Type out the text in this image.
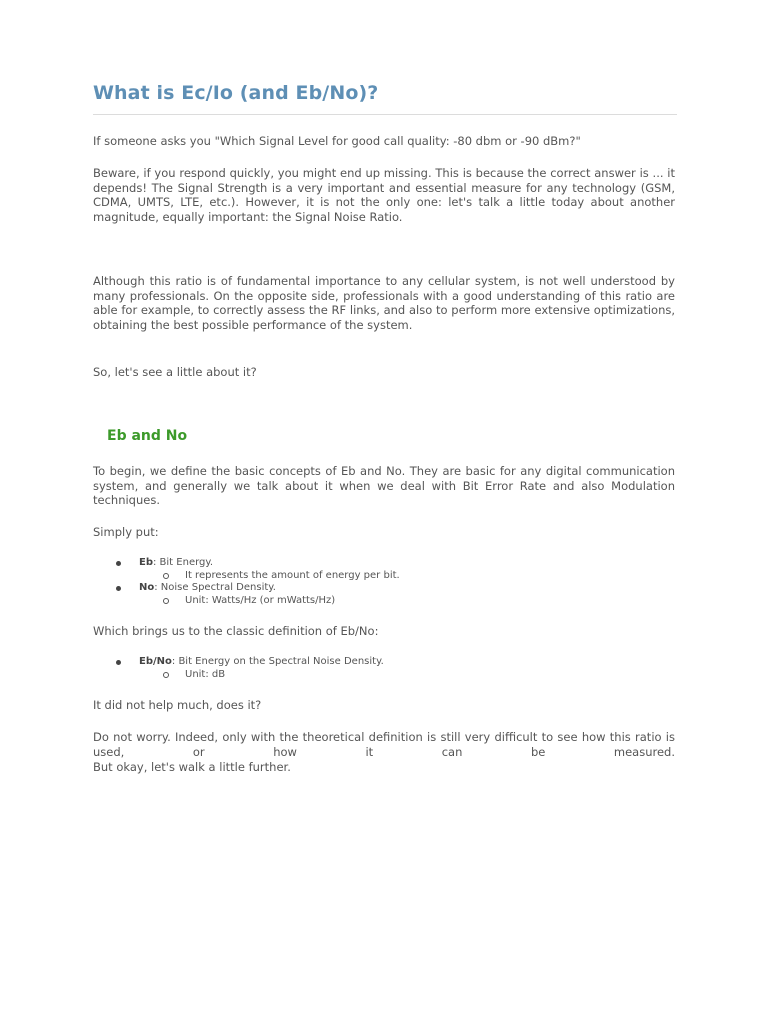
What is Ec/Io (and Eb/No)?

If someone asks you "Which Signal Level for good call quality: -80 dbm or -90 dBm?"

Beware, if you respond quickly, you might end up missing. This is because the correct answer is ... it depends! The Signal Strength is a very important and essential measure for any technology (GSM, CDMA, UMTS, LTE, etc.). However, it is not the only one: let's talk a little today about another magnitude, equally important: the Signal Noise Ratio.

Although this ratio is of fundamental importance to any cellular system, is not well understood by many professionals. On the opposite side, professionals with a good understanding of this ratio are able for example, to correctly assess the RF links, and also to perform more extensive optimizations, obtaining the best possible performance of the system.

So, let's see a little about it?

Eb and No

To begin, we define the basic concepts of Eb and No. They are basic for any digital communication system, and generally we talk about it when we deal with Bit Error Rate and also Modulation techniques.

Simply put:

Eb: Bit Energy.
It represents the amount of energy per bit.
No: Noise Spectral Density.
Unit: Watts/Hz (or mWatts/Hz)

Which brings us to the classic definition of Eb/No:

Eb/No: Bit Energy on the Spectral Noise Density.
Unit: dB

It did not help much, does it?

Do not worry. Indeed, only with the theoretical definition is still very difficult to see how this ratio is used, or how it can be measured.

But okay, let's walk a little further.
